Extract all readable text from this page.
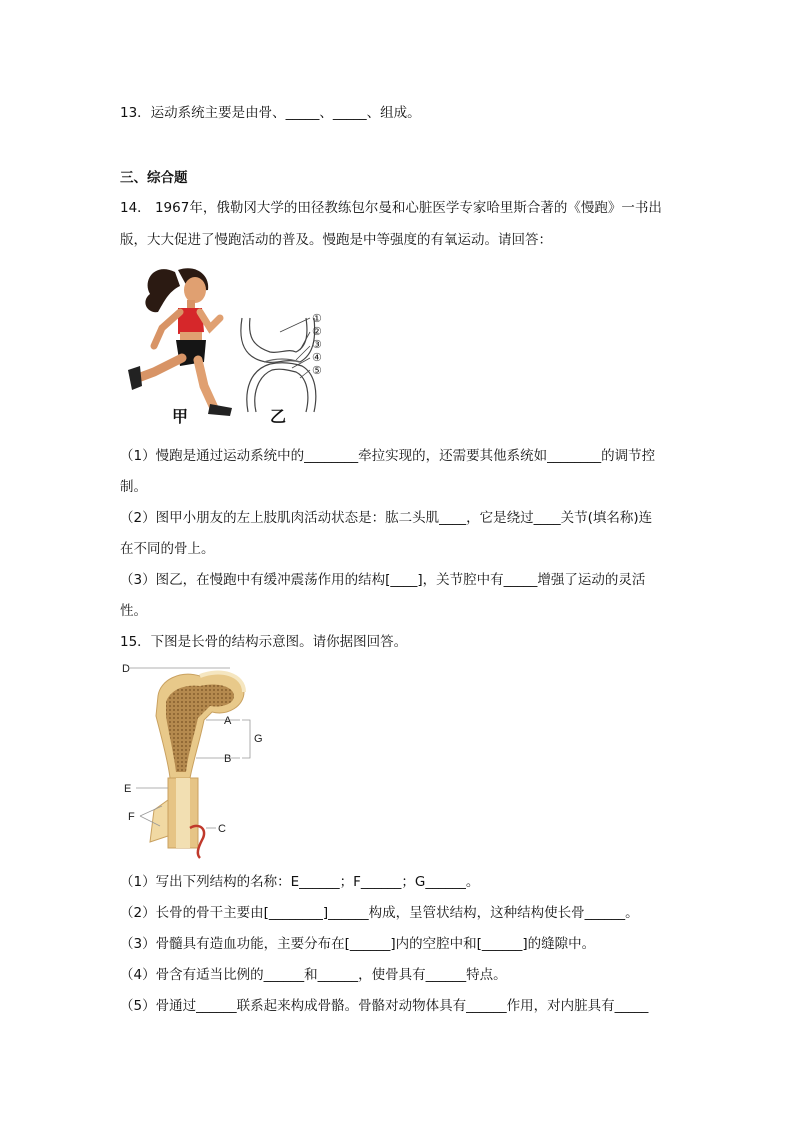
13．运动系统主要是由骨、_____、_____、组成。
三、综合题
14． 1967年，俄勒冈大学的田径教练包尔曼和心脏医学专家哈里斯合著的《慢跑》一书出
版，大大促进了慢跑活动的普及。慢跑是中等强度的有氧运动。请回答：
①
②
③
④
⑤
甲	乙
（1）慢跑是通过运动系统中的________牵拉实现的，还需要其他系统如________的调节控
制。
（2）图甲小朋友的左上肢肌肉活动状态是：肱二头肌____，它是绕过____关节(填名称)连
在不同的骨上。
（3）图乙，在慢跑中有缓冲震荡作用的结构[____]，关节腔中有_____增强了运动的灵活
性。
15．下图是长骨的结构示意图。请你据图回答。
D
A
G
B
E
F
C
（1）写出下列结构的名称：E______；F______；G______。
（2）长骨的骨干主要由[________]______构成，呈管状结构，这种结构使长骨______。
（3）骨髓具有造血功能，主要分布在[______]内的空腔中和[______]的缝隙中。
（4）骨含有适当比例的______和______，使骨具有______特点。
（5）骨通过______联系起来构成骨骼。骨骼对动物体具有______作用，对内脏具有_____
